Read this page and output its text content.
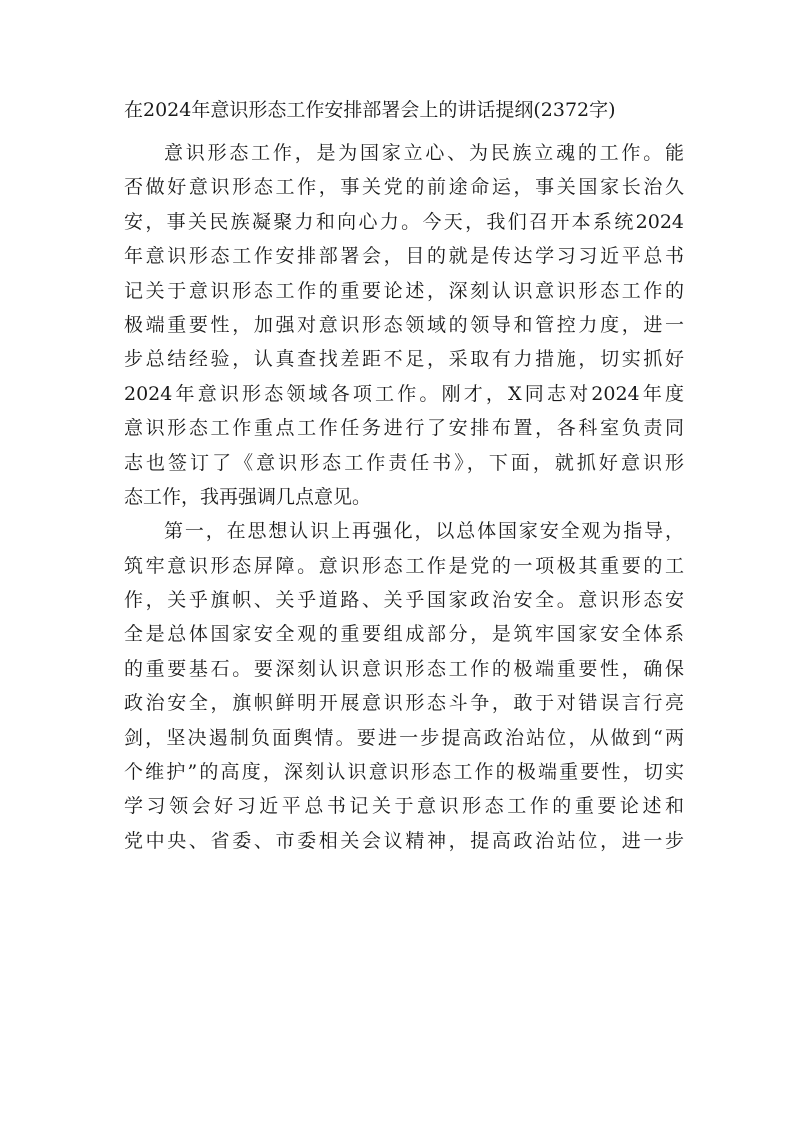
在2024年意识形态工作安排部署会上的讲话提纲(2372字)
意识形态工作，是为国家立心、为民族立魂的工作。能
否做好意识形态工作，事关党的前途命运，事关国家长治久
安，事关民族凝聚力和向心力。今天，我们召开本系统2024
年意识形态工作安排部署会，目的就是传达学习习近平总书
记关于意识形态工作的重要论述，深刻认识意识形态工作的
极端重要性，加强对意识形态领域的领导和管控力度，进一
步总结经验，认真查找差距不足，采取有力措施，切实抓好
2024年意识形态领域各项工作。刚才，X同志对2024年度
意识形态工作重点工作任务进行了安排布置，各科室负责同
志也签订了《意识形态工作责任书》，下面，就抓好意识形
态工作，我再强调几点意见。
第一，在思想认识上再强化，以总体国家安全观为指导，
筑牢意识形态屏障。意识形态工作是党的一项极其重要的工
作，关乎旗帜、关乎道路、关乎国家政治安全。意识形态安
全是总体国家安全观的重要组成部分，是筑牢国家安全体系
的重要基石。要深刻认识意识形态工作的极端重要性，确保
政治安全，旗帜鲜明开展意识形态斗争，敢于对错误言行亮
剑，坚决遏制负面舆情。要进一步提高政治站位，从做到“两
个维护”的高度，深刻认识意识形态工作的极端重要性，切实
学习领会好习近平总书记关于意识形态工作的重要论述和
党中央、省委、市委相关会议精神，提高政治站位，进一步
